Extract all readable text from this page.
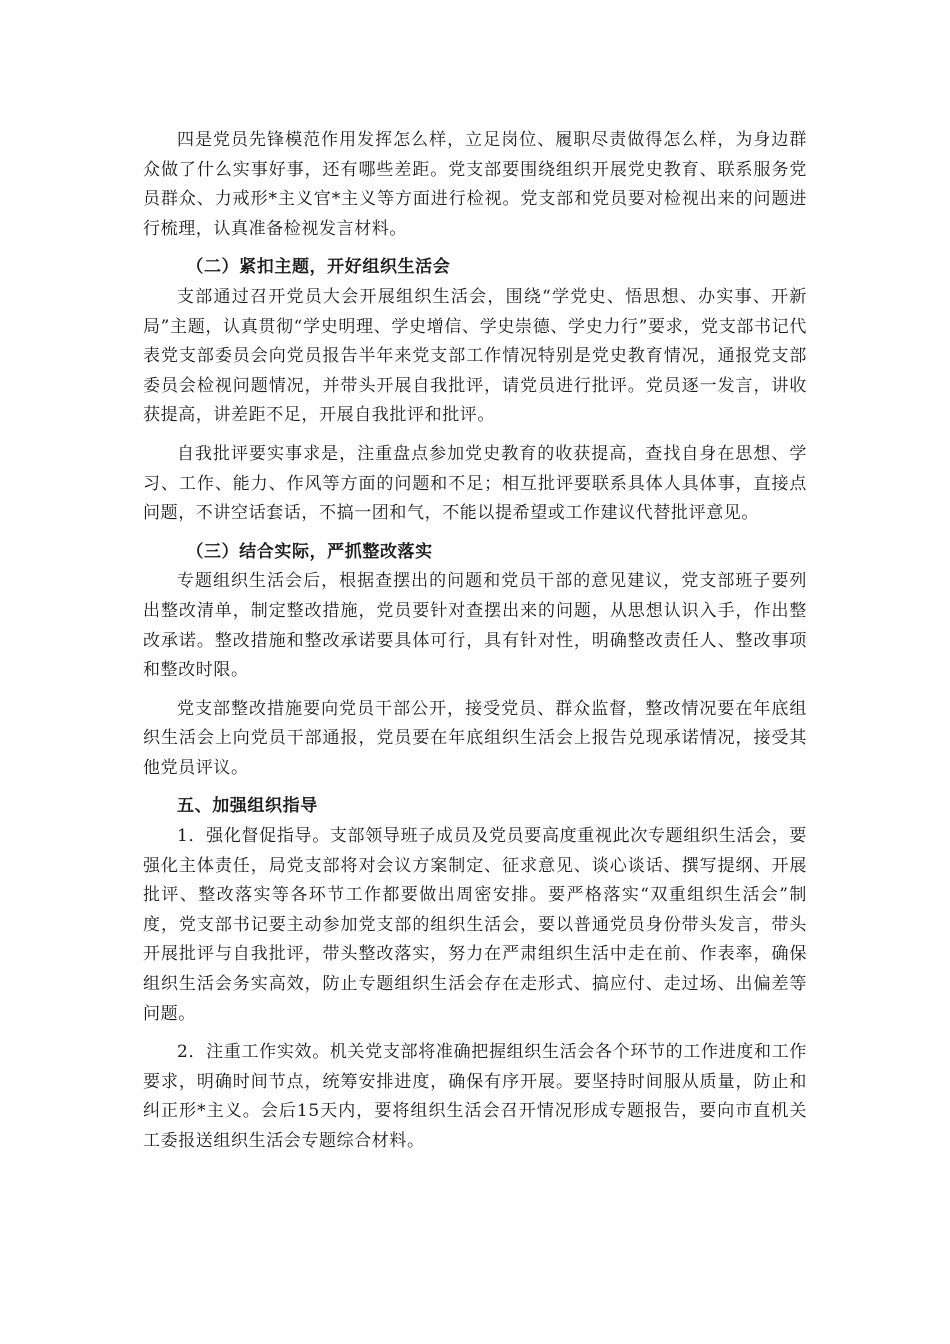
四是党员先锋模范作用发挥怎么样，立足岗位、履职尽责做得怎么样，为身边群众做了什么实事好事，还有哪些差距。党支部要围绕组织开展党史教育、联系服务党员群众、力戒形*主义官*主义等方面进行检视。党支部和党员要对检视出来的问题进行梳理，认真准备检视发言材料。

（二）紧扣主题，开好组织生活会

支部通过召开党员大会开展组织生活会，围绕“学党史、悟思想、办实事、开新局”主题，认真贯彻“学史明理、学史增信、学史崇德、学史力行”要求，党支部书记代表党支部委员会向党员报告半年来党支部工作情况特别是党史教育情况，通报党支部委员会检视问题情况，并带头开展自我批评，请党员进行批评。党员逐一发言，讲收获提高，讲差距不足，开展自我批评和批评。

自我批评要实事求是，注重盘点参加党史教育的收获提高，查找自身在思想、学习、工作、能力、作风等方面的问题和不足；相互批评要联系具体人具体事，直接点问题，不讲空话套话，不搞一团和气，不能以提希望或工作建议代替批评意见。

（三）结合实际，严抓整改落实

专题组织生活会后，根据查摆出的问题和党员干部的意见建议，党支部班子要列出整改清单，制定整改措施，党员要针对查摆出来的问题，从思想认识入手，作出整改承诺。整改措施和整改承诺要具体可行，具有针对性，明确整改责任人、整改事项和整改时限。

党支部整改措施要向党员干部公开，接受党员、群众监督，整改情况要在年底组织生活会上向党员干部通报，党员要在年底组织生活会上报告兑现承诺情况，接受其他党员评议。

五、加强组织指导

1．强化督促指导。支部领导班子成员及党员要高度重视此次专题组织生活会，要强化主体责任，局党支部将对会议方案制定、征求意见、谈心谈话、撰写提纲、开展批评、整改落实等各环节工作都要做出周密安排。要严格落实“双重组织生活会”制度，党支部书记要主动参加党支部的组织生活会，要以普通党员身份带头发言，带头开展批评与自我批评，带头整改落实，努力在严肃组织生活中走在前、作表率，确保组织生活会务实高效，防止专题组织生活会存在走形式、搞应付、走过场、出偏差等问题。

2．注重工作实效。机关党支部将准确把握组织生活会各个环节的工作进度和工作要求，明确时间节点，统筹安排进度，确保有序开展。要坚持时间服从质量，防止和纠正形*主义。会后15天内，要将组织生活会召开情况形成专题报告，要向市直机关工委报送组织生活会专题综合材料。
